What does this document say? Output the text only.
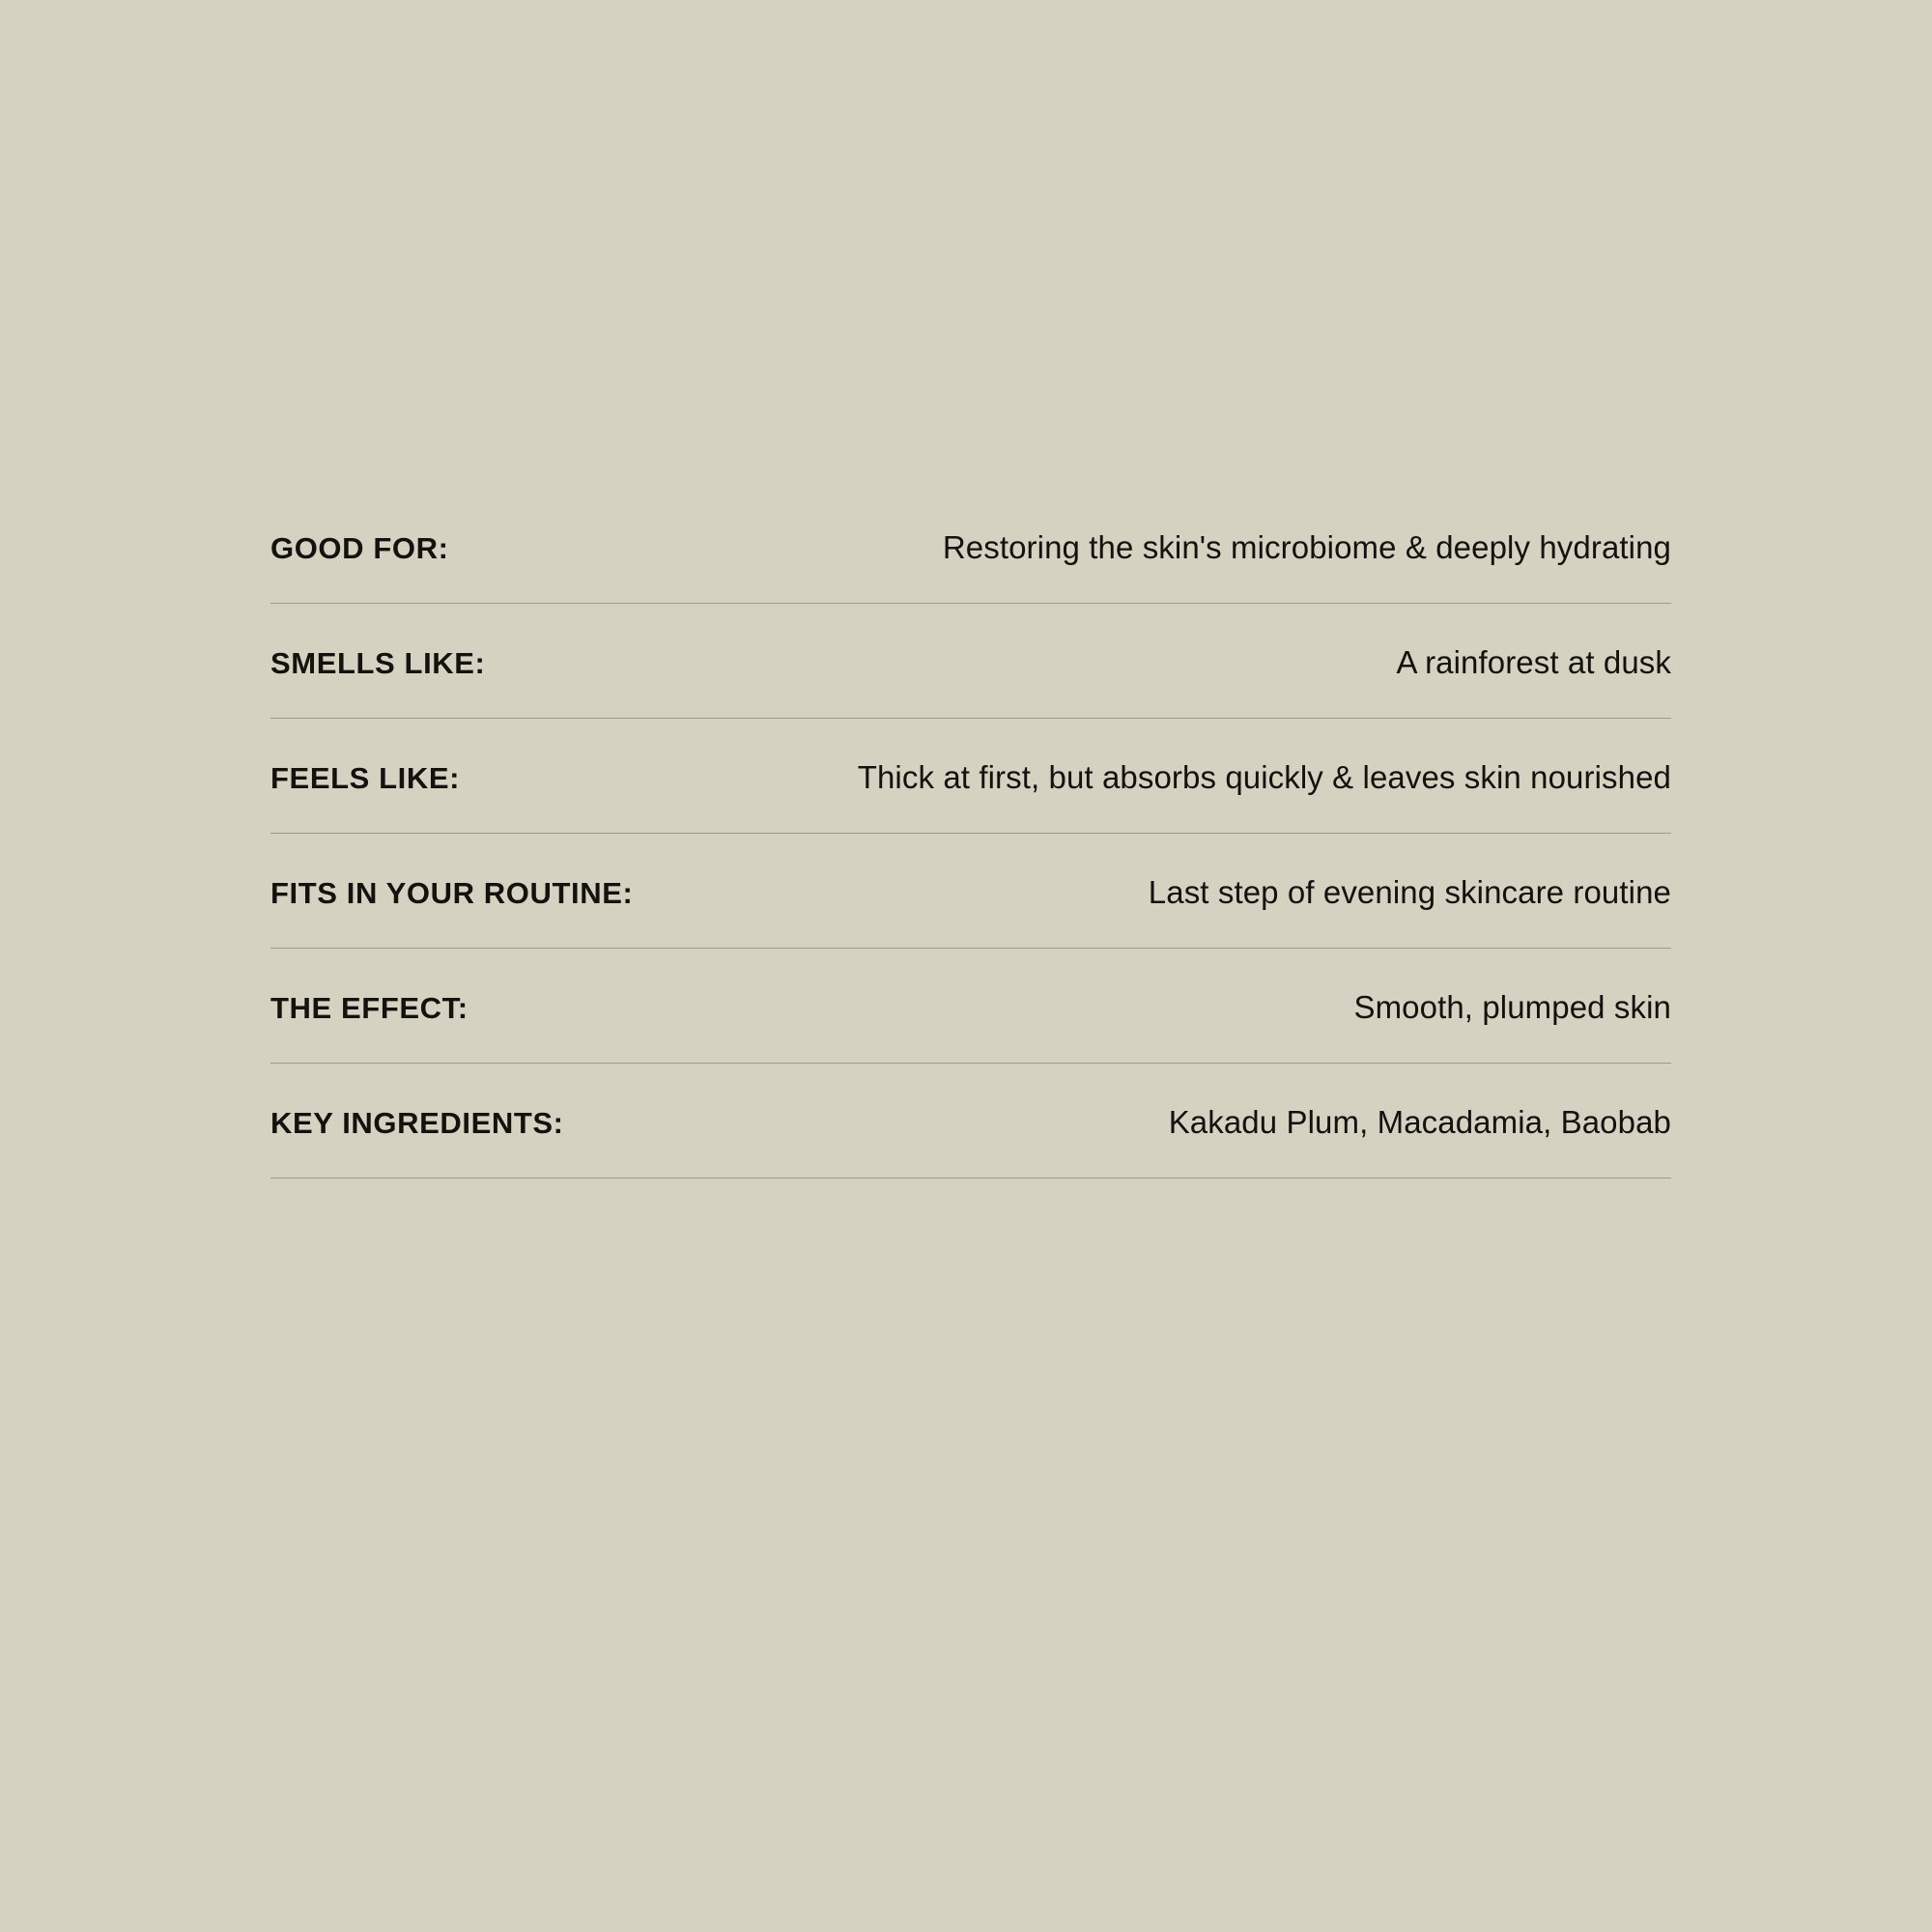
GOOD FOR:	Restoring the skin's microbiome & deeply hydrating
SMELLS LIKE:	A rainforest at dusk
FEELS LIKE:	Thick at first, but absorbs quickly & leaves skin nourished
FITS IN YOUR ROUTINE:	Last step of evening skincare routine
THE EFFECT:	Smooth, plumped skin
KEY INGREDIENTS:	Kakadu Plum, Macadamia, Baobab
